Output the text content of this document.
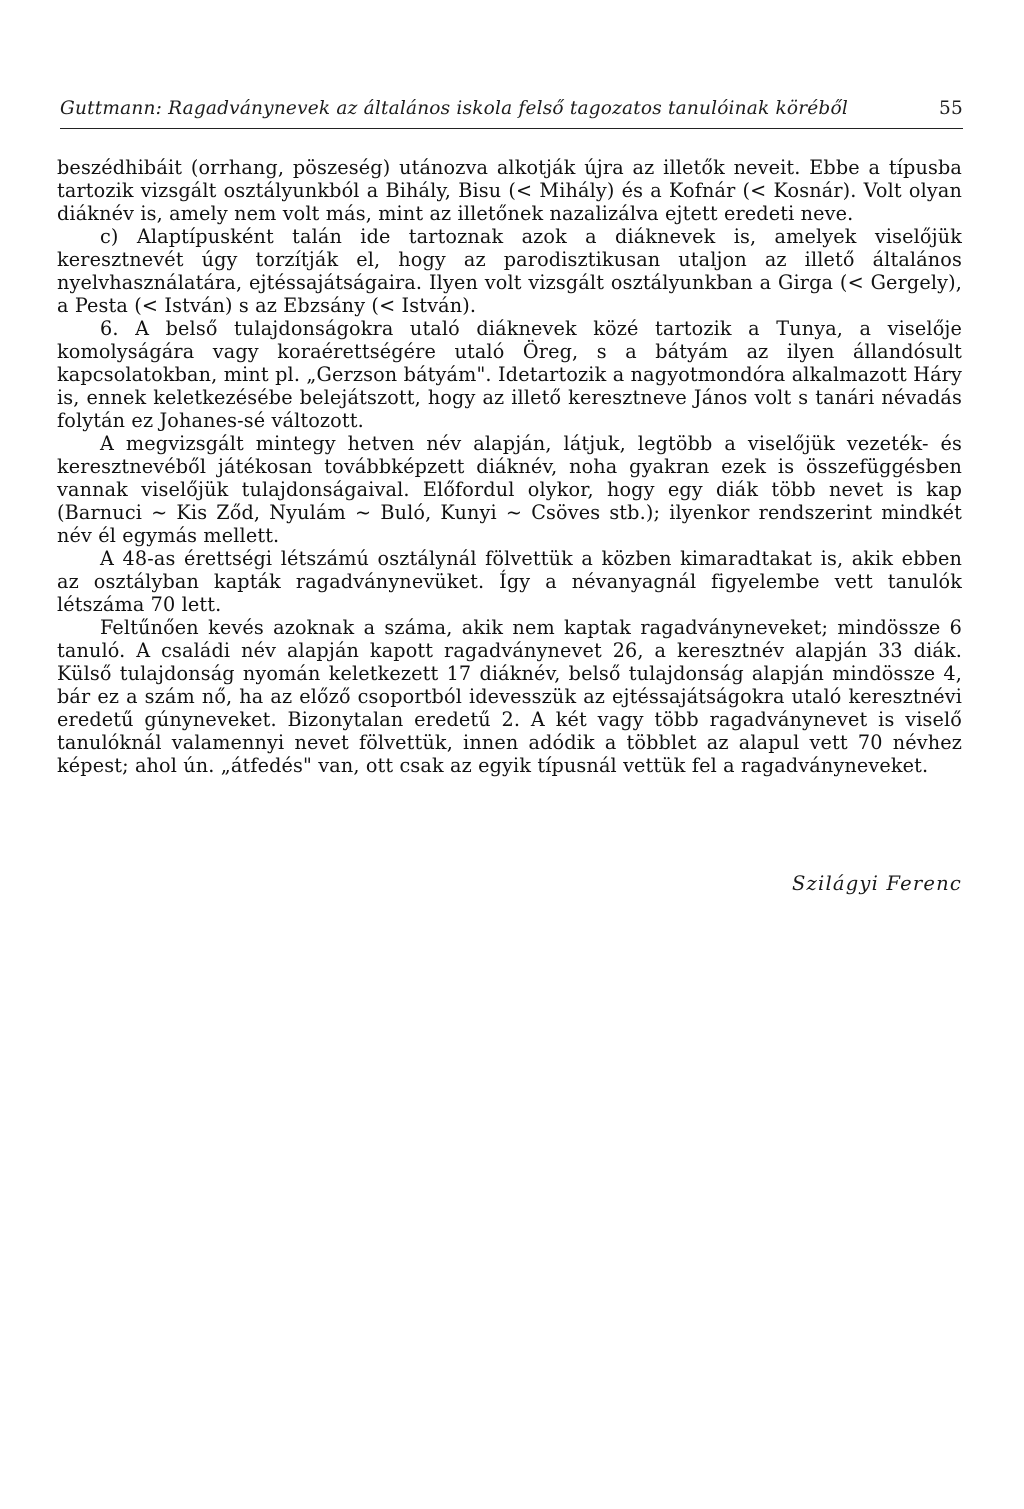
Guttmann: Ragadványnevek az általános iskola felső tagozatos tanulóinak köréből	55

beszédhibáit (orrhang, pöszeség) utánozva alkotják újra az illetők neveit. Ebbe a típusba tartozik vizsgált osztályunkból a Bihály, Bisu (< Mihály) és a Kofnár (< Kosnár). Volt olyan diáknév is, amely nem volt más, mint az illetőnek nazalizálva ejtett eredeti neve.

c) Alaptípusként talán ide tartoznak azok a diáknevek is, amelyek viselőjük keresztnevét úgy torzítják el, hogy az parodisztikusan utaljon az illető általános nyelvhasználatára, ejtéssajátságaira. Ilyen volt vizsgált osztályunkban a Girga (< Gergely), a Pesta (< István) s az Ebzsány (< István).

6. A belső tulajdonságokra utaló diáknevek közé tartozik a Tunya, a viselője komolyságára vagy koraérettségére utaló Öreg, s a bátyám az ilyen állandósult kapcsolatokban, mint pl. „Gerzson bátyám". Idetartozik a nagyotmondóra alkalmazott Háry is, ennek keletkezésébe belejátszott, hogy az illető keresztneve János volt s tanári névadás folytán ez Johanes-sé változott.

A megvizsgált mintegy hetven név alapján, látjuk, legtöbb a viselőjük vezeték- és keresztnevéből játékosan továbbképzett diáknév, noha gyakran ezek is összefüggésben vannak viselőjük tulajdonságaival. Előfordul olykor, hogy egy diák több nevet is kap (Barnuci ~ Kis Ződ, Nyulám ~ Buló, Kunyi ~ Csöves stb.); ilyenkor rendszerint mindkét név él egymás mellett.

A 48-as érettségi létszámú osztálynál fölvettük a közben kimaradtakat is, akik ebben az osztályban kapták ragadványnevüket. Így a névanyagnál figyelembe vett tanulók létszáma 70 lett.

Feltűnően kevés azoknak a száma, akik nem kaptak ragadványneveket; mindössze 6 tanuló. A családi név alapján kapott ragadványnevet 26, a keresztnév alapján 33 diák. Külső tulajdonság nyomán keletkezett 17 diáknév, belső tulajdonság alapján mindössze 4, bár ez a szám nő, ha az előző csoportból idevesszük az ejtéssajátságokra utaló keresztnévi eredetű gúnyneveket. Bizonytalan eredetű 2. A két vagy több ragadványnevet is viselő tanulóknál valamennyi nevet fölvettük, innen adódik a többlet az alapul vett 70 névhez képest; ahol ún. „átfedés" van, ott csak az egyik típusnál vettük fel a ragadványneveket.

Szilágyi Ferenc
